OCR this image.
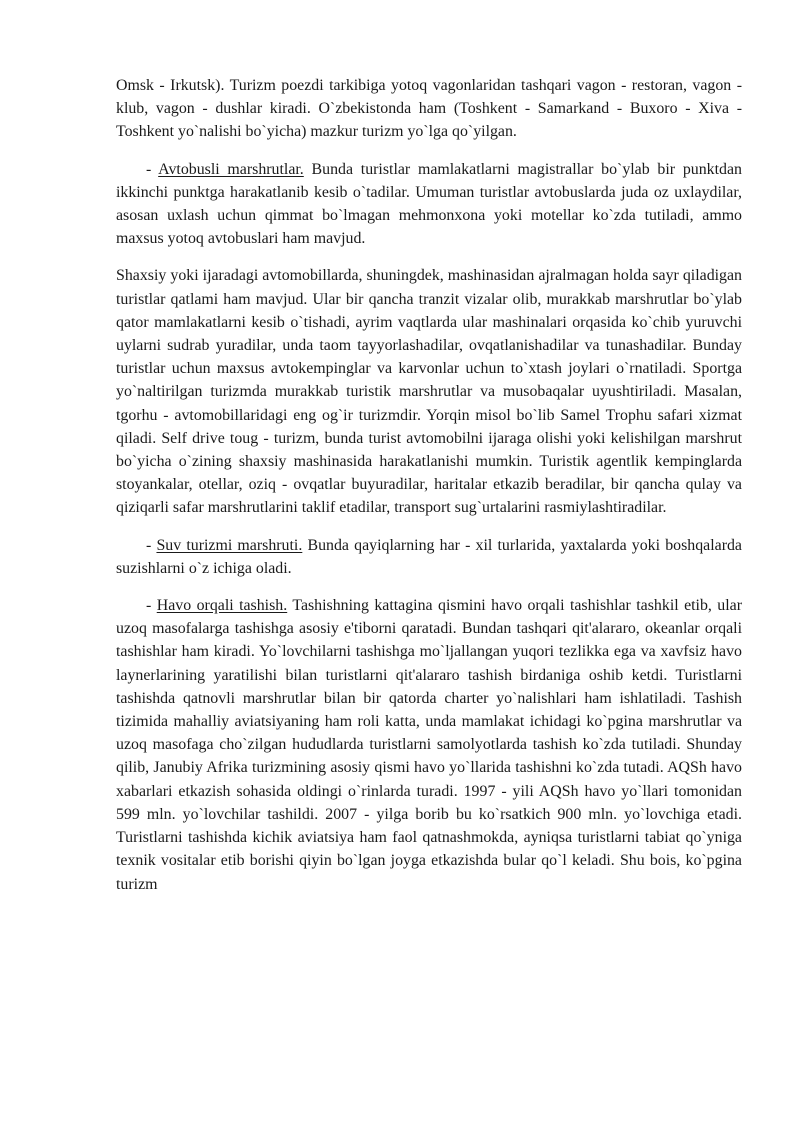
Omsk - Irkutsk). Turizm poezdi tarkibiga yotoq vagonlaridan tashqari vagon - restoran, vagon -klub, vagon - dushlar kiradi. O`zbekistonda ham (Toshkent - Samarkand - Buxoro - Xiva - Toshkent yo`nalishi bo`yicha) mazkur turizm yo`lga qo`yilgan.

- Avtobusli marshrutlar. Bunda turistlar mamlakatlarni magistrallar bo`ylab bir punktdan ikkinchi punktga harakatlanib kesib o`tadilar. Umuman turistlar avtobuslarda juda oz uxlaydilar, asosan uxlash uchun qimmat bo`lmagan mehmonxona yoki motellar ko`zda tutiladi, ammo maxsus yotoq avtobuslari ham mavjud.

Shaxsiy yoki ijaradagi avtomobillarda, shuningdek, mashinasidan ajralmagan holda sayr qiladigan turistlar qatlami ham mavjud. Ular bir qancha tranzit vizalar olib, murakkab marshrutlar bo`ylab qator mamlakatlarni kesib o`tishadi, ayrim vaqtlarda ular mashinalari orqasida ko`chib yuruvchi uylarni sudrab yuradilar, unda taom tayyorlashadilar, ovqatlanishadilar va tunashadilar. Bunday turistlar uchun maxsus avtokempinglar va karvonlar uchun to`xtash joylari o`rnatiladi. Sportga yo`naltirilgan turizmda murakkab turistik marshrutlar va musobaqalar uyushtiriladi. Masalan, tgorhu - avtomobillaridagi eng og`ir turizmdir. Yorqin misol bo`lib Samel Trophu safari xizmat qiladi. Self drive toug - turizm, bunda turist avtomobilni ijaraga olishi yoki kelishilgan marshrut bo`yicha o`zining shaxsiy mashinasida harakatlanishi mumkin. Turistik agentlik kempinglarda stoyankalar, otellar, oziq - ovqatlar buyuradilar, haritalar etkazib beradilar, bir qancha qulay va qiziqarli safar marshrutlarini taklif etadilar, transport sug`urtalarini rasmiylashtiradilar.

- Suv turizmi marshruti. Bunda qayiqlarning har - xil turlarida, yaxtalarda yoki boshqalarda suzishlarni o`z ichiga oladi.

- Havo orqali tashish. Tashishning kattagina qismini havo orqali tashishlar tashkil etib, ular uzoq masofalarga tashishga asosiy e'tiborni qaratadi. Bundan tashqari qit'alararo, okeanlar orqali tashishlar ham kiradi. Yo`lovchilarni tashishga mo`ljallangan yuqori tezlikka ega va xavfsiz havo laynerlarining yaratilishi bilan turistlarni qit'alararo tashish birdaniga oshib ketdi. Turistlarni tashishda qatnovli marshrutlar bilan bir qatorda charter yo`nalishlari ham ishlatiladi. Tashish tizimida mahalliy aviatsiyaning ham roli katta, unda mamlakat ichidagi ko`pgina marshrutlar va uzoq masofaga cho`zilgan hududlarda turistlarni samolyotlarda tashish ko`zda tutiladi. Shunday qilib, Janubiy Afrika turizmining asosiy qismi havo yo`llarida tashishni ko`zda tutadi. AQSh havo xabarlari etkazish sohasida oldingi o`rinlarda turadi. 1997 - yili AQSh havo yo`llari tomonidan 599 mln. yo`lovchilar tashildi. 2007 - yilga borib bu ko`rsatkich 900 mln. yo`lovchiga etadi. Turistlarni tashishda kichik aviatsiya ham faol qatnashmokda, ayniqsa turistlarni tabiat qo`yniga texnik vositalar etib borishi qiyin bo`lgan joyga etkazishda bular qo`l keladi. Shu bois, ko`pgina turizm
